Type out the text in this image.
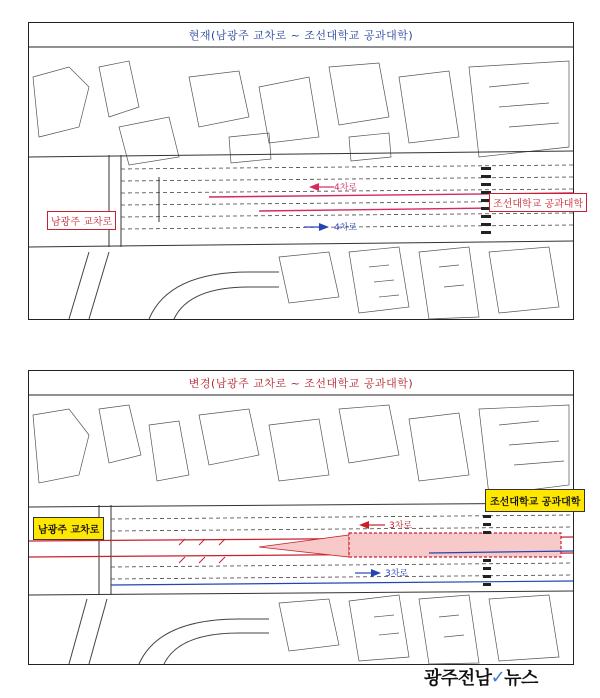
현재(남광주 교차로 ~ 조선대학교 공과대학)
남광주 교차로
조선대학교 공과대학
4차로
4차로
변경(남광주 교차로 ~ 조선대학교 공과대학)
남광주 교차로
조선대학교 공과대학
3차로
3차로
광주전남 ✓ 뉴스
